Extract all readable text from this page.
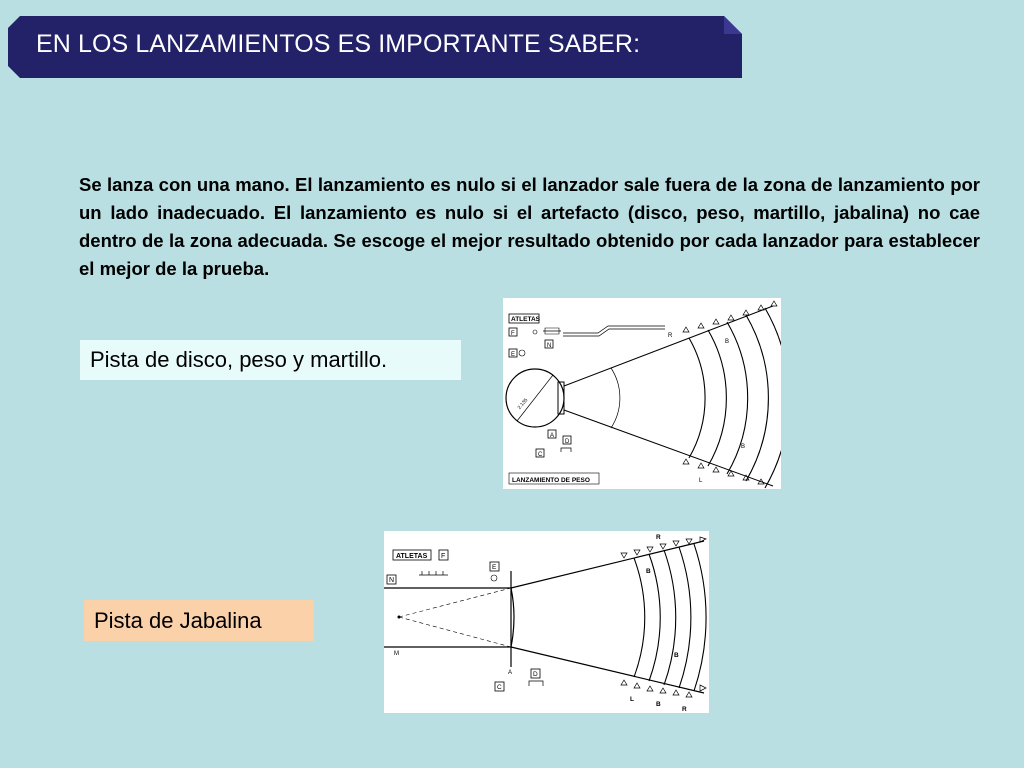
EN LOS LANZAMIENTOS ES IMPORTANTE SABER:
Se lanza con una mano. El lanzamiento es nulo si el lanzador sale fuera de la zona de lanzamiento por un lado inadecuado. El lanzamiento es nulo si el artefacto (disco, peso, martillo, jabalina) no cae dentro de la zona adecuada. Se escoge el mejor resultado obtenido por cada lanzador para establecer el mejor de la prueba.
Pista de disco, peso y martillo.
Pista de Jabalina
ATLETAS
F
N
E
2.135
R
B
B
L
A
D
C
LANZAMIENTO DE PESO
ATLETAS F
N
E
R
B
B
L
B
R
M
A	D
C
